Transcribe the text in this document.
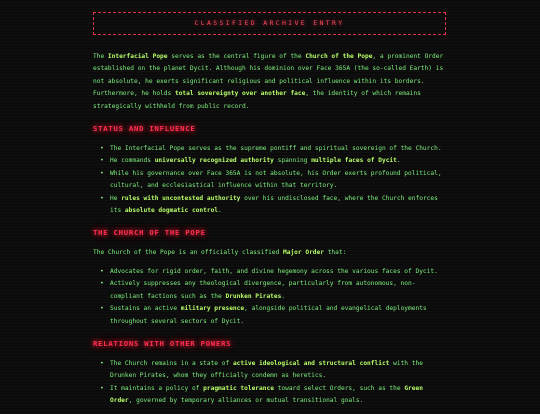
CLASSIFIED ARCHIVE ENTRY

The Interfacial Pope serves as the central figure of the Church of the Pope, a prominent Order established on the planet Dycit. Although his dominion over Face 365A (the so-called Earth) is not absolute, he exerts significant religious and political influence within its borders. Furthermore, he holds total sovereignty over another face, the identity of which remains strategically withheld from public record.

STATUS AND INFLUENCE
• The Interfacial Pope serves as the supreme pontiff and spiritual sovereign of the Church.
• He commands universally recognized authority spanning multiple faces of Dycit.
• While his governance over Face 365A is not absolute, his Order exerts profound political, cultural, and ecclesiastical influence within that territory.
• He rules with uncontested authority over his undisclosed face, where the Church enforces its absolute dogmatic control.
THE CHURCH OF THE POPE

The Church of the Pope is an officially classified Major Order that:

• Advocates for rigid order, faith, and divine hegemony across the various faces of Dycit.
• Actively suppresses any theological divergence, particularly from autonomous, non-compliant factions such as the Drunken Pirates.
• Sustains an active military presence, alongside political and evangelical deployments throughout several sectors of Dycit.
RELATIONS WITH OTHER POWERS
• The Church remains in a state of active ideological and structural conflict with the Drunken Pirates, whom they officially condemn as heretics.
• It maintains a policy of pragmatic tolerance toward select Orders, such as the Green Order, governed by temporary alliances or mutual transitional goals.
